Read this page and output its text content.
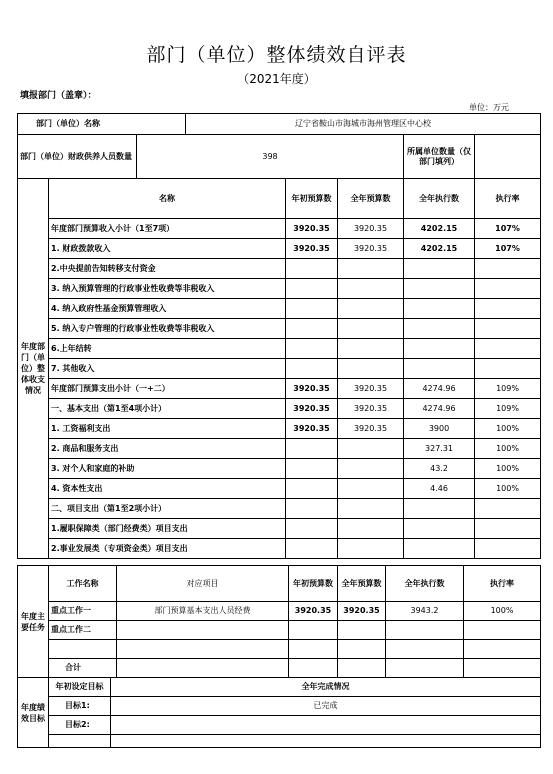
部门（单位）整体绩效自评表
（2021年度）
填报部门（盖章）：
单位：万元
部门（单位）名称			辽宁省鞍山市海城市海州管理区中心校				
部门（单位）财政供养人员数量		398				所属单位数量（仅部门填列）	

年度部门（单位）整体收支情况	名称			年初预算数	全年预算数	全年执行数	执行率
	年度部门预算收入小计（1至7项）			3920.35	3920.35	4202.15	107%
	1. 财政拨款收入			3920.35	3920.35	4202.15	107%
	2.中央提前告知转移支付资金						
	3. 纳入预算管理的行政事业性收费等非税收入						
	4. 纳入政府性基金预算管理收入						
	5. 纳入专户管理的行政事业性收费等非税收入						
	6.上年结转						
	7. 其他收入						
	年度部门预算支出小计（一+二）			3920.35	3920.35	4274.96	109%
	一、基本支出（第1至4项小计）			3920.35	3920.35	4274.96	109%
	1. 工资福利支出			3920.35	3920.35	3900	100%
	2. 商品和服务支出					327.31	100%
	3. 对个人和家庭的补助					43.2	100%
	4. 资本性支出					4.46	100%
	二、项目支出（第1至2项小计）						
	1.履职保障类（部门经费类）项目支出						
	2.事业发展类（专项资金类）项目支出						
年度主要任务	工作名称	对应项目	年初预算数	全年预算数	全年执行数	执行率
	重点工作一	部门预算基本支出人员经费	3920.35	3920.35	3943.2	100%
	重点工作二					

	合计					
年度绩效目标	年初设定目标	全年完成情况
	目标1:	已完成
	目标2:	
